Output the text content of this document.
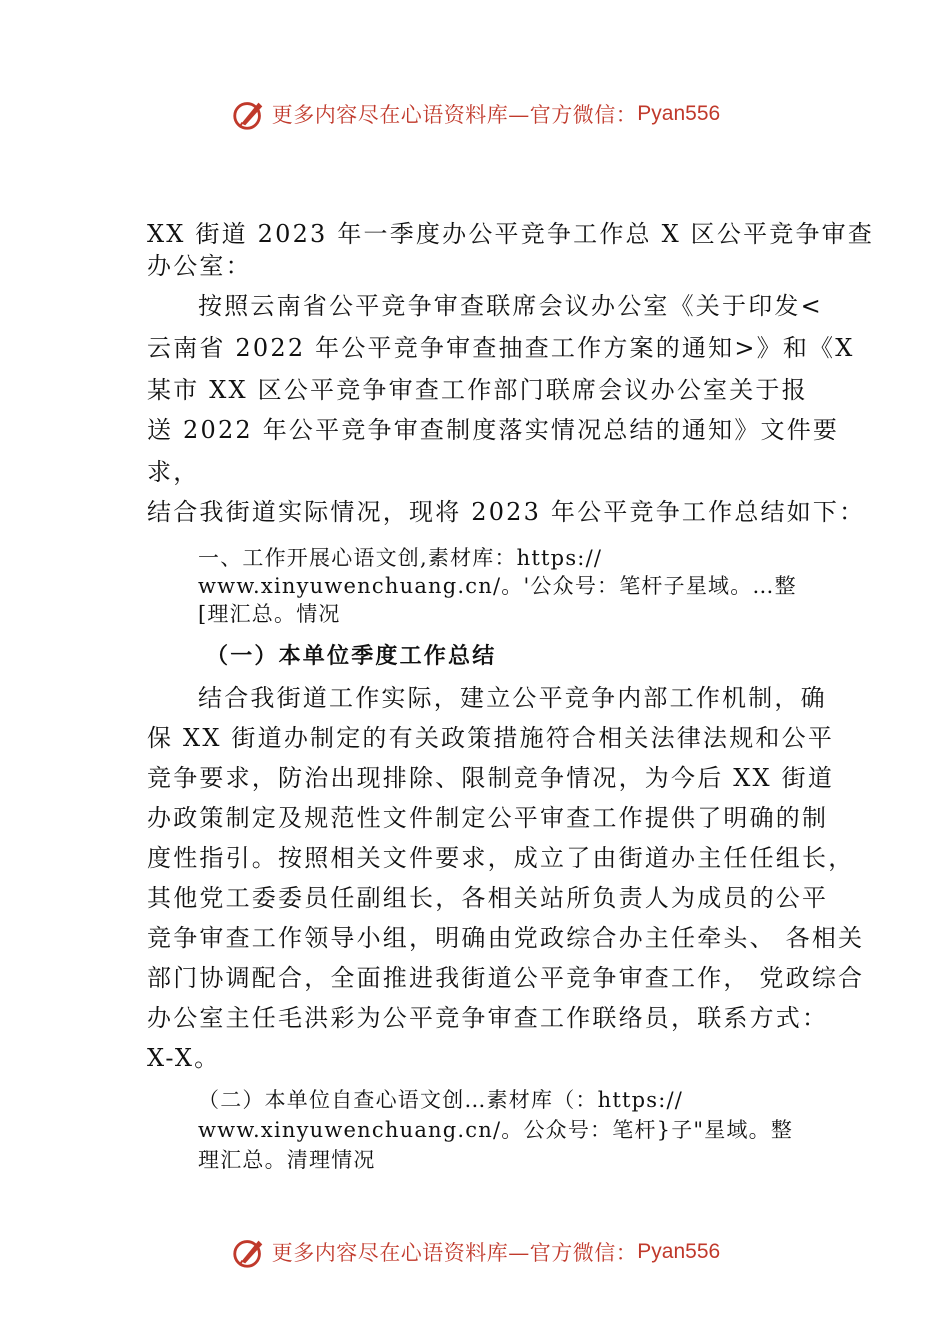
更多内容尽在心语资料库—官方微信： Pyan556
XX 街道 2023 年一季度办公平竞争工作总 X 区公平竞争审查
办公室：
按照云南省公平竞争审查联席会议办公室《关于印发<
云南省 2022 年公平竞争审查抽查工作方案的通知>》和《X
某市 XX 区公平竞争审查工作部门联席会议办公室关于报
送 2022 年公平竞争审查制度落实情况总结的通知》文件要
求，
结合我街道实际情况，现将 2023 年公平竞争工作总结如下：
一、工作开展心语文创,素材库：https://
www.xinyuwenchuang.cn/。'公众号：笔杆子星域。…整
[理汇总。情况
（一）本单位季度工作总结
结合我街道工作实际，建立公平竞争内部工作机制，确
保 XX 街道办制定的有关政策措施符合相关法律法规和公平
竞争要求，防治出现排除、限制竞争情况，为今后 XX 街道
办政策制定及规范性文件制定公平审查工作提供了明确的制
度性指引。按照相关文件要求，成立了由街道办主任任组长，
其他党工委委员任副组长，各相关站所负责人为成员的公平
竞争审查工作领导小组，明确由党政综合办主任牵头、 各相关
部门协调配合，全面推进我街道公平竞争审查工作， 党政综合
办公室主任毛洪彩为公平竞争审查工作联络员，联系方式：
X-X。
（二）本单位自查心语文创…素材库（：https://
www.xinyuwenchuang.cn/。公众号：笔杆}子"星域。整
理汇总。清理情况
更多内容尽在心语资料库—官方微信： Pyan556
